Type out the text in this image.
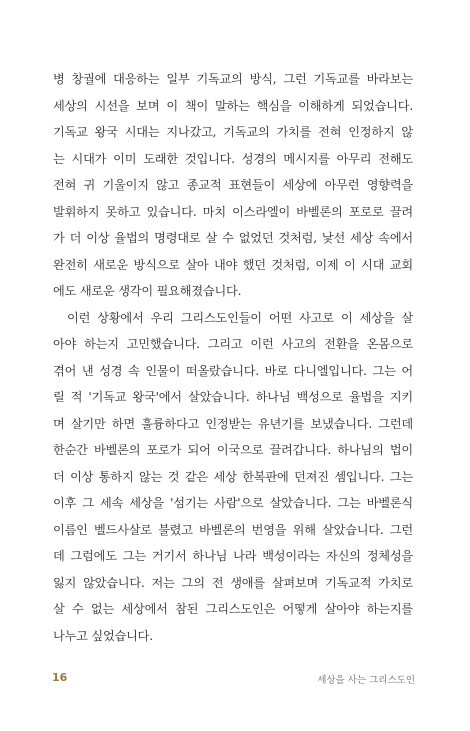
병 창궐에 대응하는 일부 기독교의 방식, 그런 기독교를 바라보는
세상의 시선을 보며 이 책이 말하는 핵심을 이해하게 되었습니다.
기독교 왕국 시대는 지나갔고, 기독교의 가치를 전혀 인정하지 않
는 시대가 이미 도래한 것입니다. 성경의 메시지를 아무리 전해도
전혀 귀 기울이지 않고 종교적 표현들이 세상에 아무런 영향력을
발휘하지 못하고 있습니다. 마치 이스라엘이 바벨론의 포로로 끌려
가 더 이상 율법의 명령대로 살 수 없었던 것처럼, 낯선 세상 속에서
완전히 새로운 방식으로 살아 내야 했던 것처럼, 이제 이 시대 교회
에도 새로운 생각이 필요해졌습니다.
이런 상황에서 우리 그리스도인들이 어떤 사고로 이 세상을 살
아야 하는지 고민했습니다. 그리고 이런 사고의 전환을 온몸으로
겪어 낸 성경 속 인물이 떠올랐습니다. 바로 다니엘입니다. 그는 어
릴 적 '기독교 왕국'에서 살았습니다. 하나님 백성으로 율법을 지키
며 살기만 하면 훌륭하다고 인정받는 유년기를 보냈습니다. 그런데
한순간 바벨론의 포로가 되어 이국으로 끌려갑니다. 하나님의 법이
더 이상 통하지 않는 것 같은 세상 한복판에 던져진 셈입니다. 그는
이후 그 세속 세상을 '섬기는 사람'으로 살았습니다. 그는 바벨론식
이름인 벨드사살로 불렸고 바벨론의 번영을 위해 살았습니다. 그런
데 그럼에도 그는 거기서 하나님 나라 백성이라는 자신의 정체성을
잃지 않았습니다. 저는 그의 전 생애를 살펴보며 기독교적 가치로
살 수 없는 세상에서 참된 그리스도인은 어떻게 살아야 하는지를
나누고 싶었습니다.
16	세상을 사는 그리스도인
